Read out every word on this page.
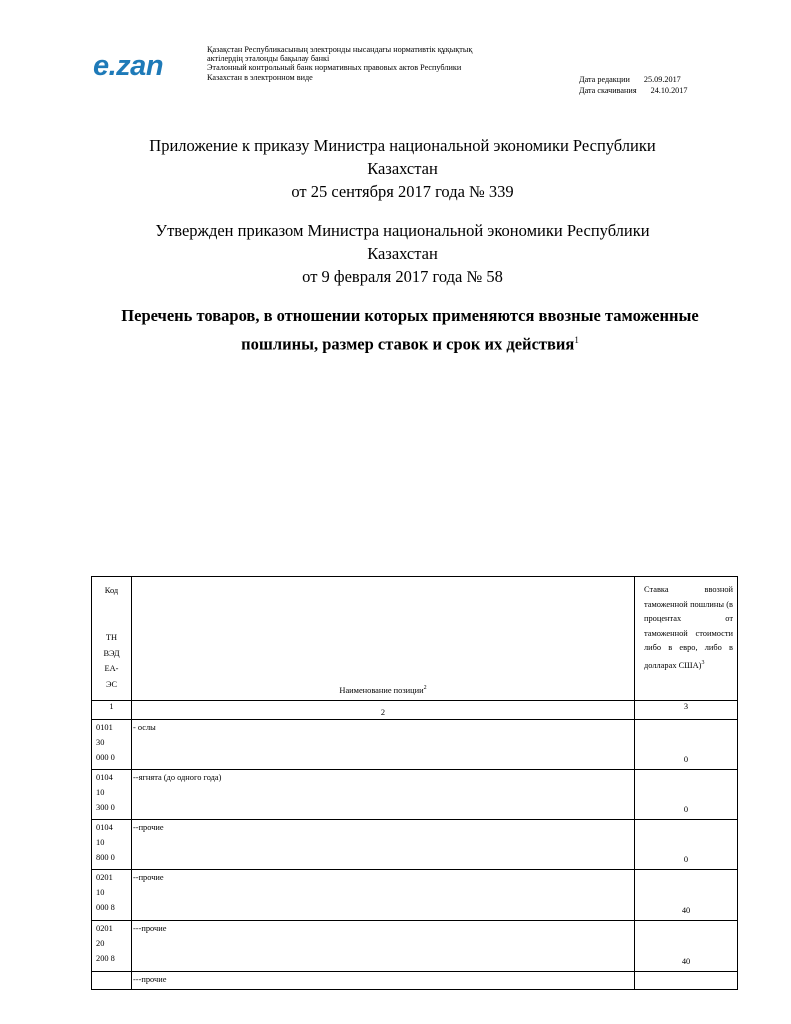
e.zan
Қазақстан Республикасының электронды нысандағы нормативтік құқықтық
актілердің эталонды бақылау банкі
Эталонный контрольный банк нормативных правовых актов Республики
Казахстан в электронном виде	Дата редакции 25.09.2017
Дата скачивания 24.10.2017
Приложение к приказу Министра национальной экономики Республики
Казахстан
от 25 сентября 2017 года № 339
Утвержден приказом Министра национальной экономики Республики
Казахстан
от 9 февраля 2017 года № 58
Перечень товаров, в отношении которых применяются ввозные таможенные
пошлины, размер ставок и срок их действия$^1$
Код
ТН
ВЭД
ЕА-
ЭС	Наименование позиции$^2$	Ставка ввозной таможенной пошлины (в процентах от таможенной стоимости либо в евро, либо в долларах США)$^3$
1	2	3

0101
30
000 0	- ослы	0

0104
10
300 0	--ягнята (до одного года)	0

0104
10
800 0	--прочие	0

0201
10
000 8	--прочие	40

0201
20
200 8	---прочие	40
	---прочие	
